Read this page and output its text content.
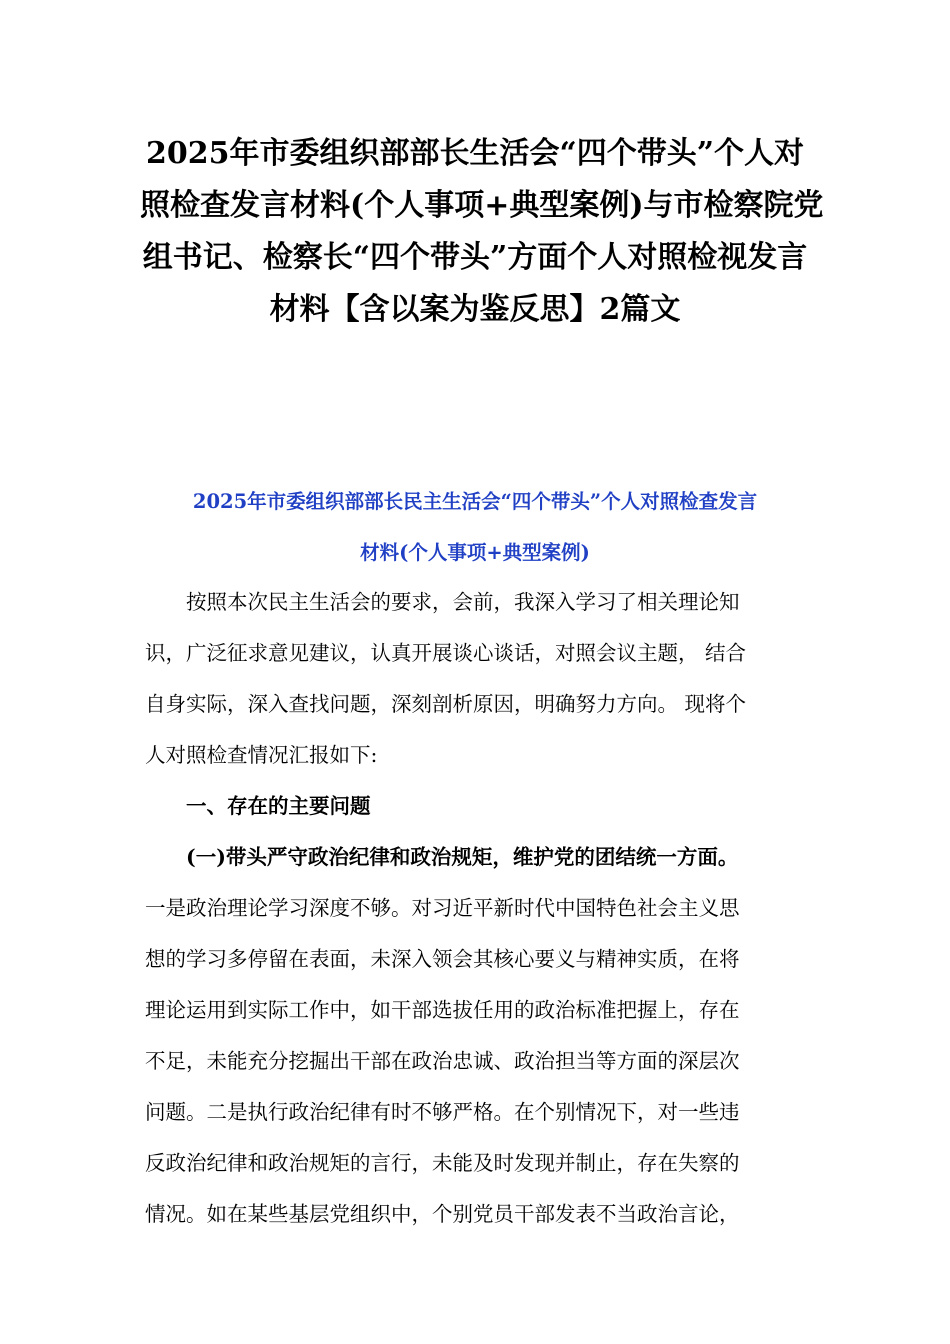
2025年市委组织部部长生活会“四个带头”个人对
照检查发言材料(个人事项+典型案例)与市检察院党
组书记、检察长“四个带头”方面个人对照检视发言
材料【含以案为鉴反思】2篇文
2025年市委组织部部长民主生活会“四个带头”个人对照检查发言
材料(个人事项+典型案例)
　　按照本次民主生活会的要求，会前，我深入学习了相关理论知
识，广泛征求意见建议，认真开展谈心谈话，对照会议主题， 结合
自身实际，深入查找问题，深刻剖析原因，明确努力方向。 现将个
人对照检查情况汇报如下:
　　一、存在的主要问题
　　(一)带头严守政治纪律和政治规矩，维护党的团结统一方面。
一是政治理论学习深度不够。对习近平新时代中国特色社会主义思
想的学习多停留在表面，未深入领会其核心要义与精神实质，在将
理论运用到实际工作中，如干部选拔任用的政治标准把握上，存在
不足，未能充分挖掘出干部在政治忠诚、政治担当等方面的深层次
问题。二是执行政治纪律有时不够严格。在个别情况下，对一些违
反政治纪律和政治规矩的言行，未能及时发现并制止，存在失察的
情况。如在某些基层党组织中，个别党员干部发表不当政治言论，
